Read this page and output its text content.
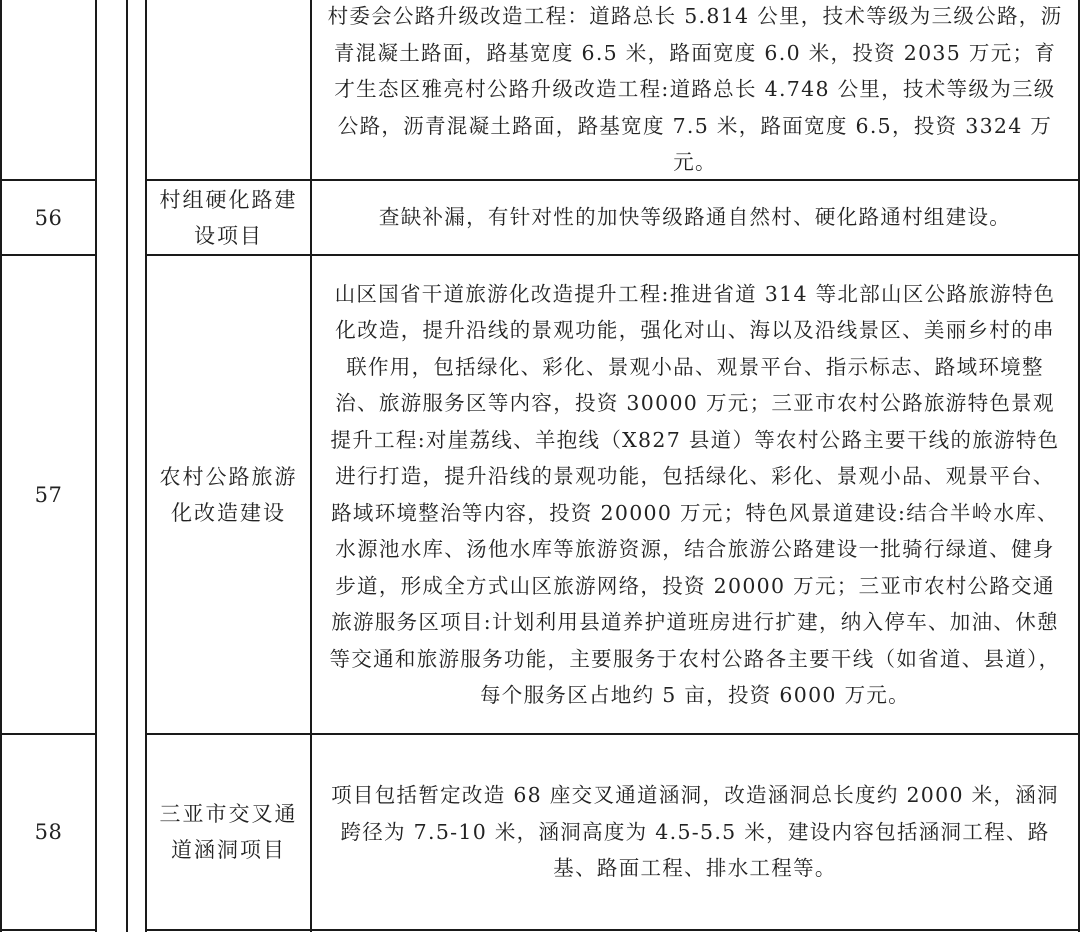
村委会公路升级改造工程：道路总长 5.814 公里，技术等级为三级公路，沥青混凝土路面，路基宽度 6.5 米，路面宽度 6.0 米，投资 2035 万元；育才生态区雅亮村公路升级改造工程:道路总长 4.748 公里，技术等级为三级公路，沥青混凝土路面，路基宽度 7.5 米，路面宽度 6.5，投资 3324 万元。

56
村组硬化路建设项目

查缺补漏，有针对性的加快等级路通自然村、硬化路通村组建设。

57
农村公路旅游化改造建设

山区国省干道旅游化改造提升工程:推进省道 314 等北部山区公路旅游特色化改造，提升沿线的景观功能，强化对山、海以及沿线景区、美丽乡村的串联作用，包括绿化、彩化、景观小品、观景平台、指示标志、路域环境整治、旅游服务区等内容，投资 30000 万元；三亚市农村公路旅游特色景观提升工程:对崖荔线、羊抱线（X827 县道）等农村公路主要干线的旅游特色进行打造，提升沿线的景观功能，包括绿化、彩化、景观小品、观景平台、路域环境整治等内容，投资 20000 万元；特色风景道建设:结合半岭水库、水源池水库、汤他水库等旅游资源，结合旅游公路建设一批骑行绿道、健身步道，形成全方式山区旅游网络，投资 20000 万元；三亚市农村公路交通旅游服务区项目:计划利用县道养护道班房进行扩建，纳入停车、加油、休憩等交通和旅游服务功能，主要服务于农村公路各主要干线（如省道、县道），每个服务区占地约 5 亩，投资 6000 万元。

58
三亚市交叉通道涵洞项目

项目包括暂定改造 68 座交叉通道涵洞，改造涵洞总长度约 2000 米，涵洞跨径为 7.5-10 米，涵洞高度为 4.5-5.5 米，建设内容包括涵洞工程、路基、路面工程、排水工程等。
